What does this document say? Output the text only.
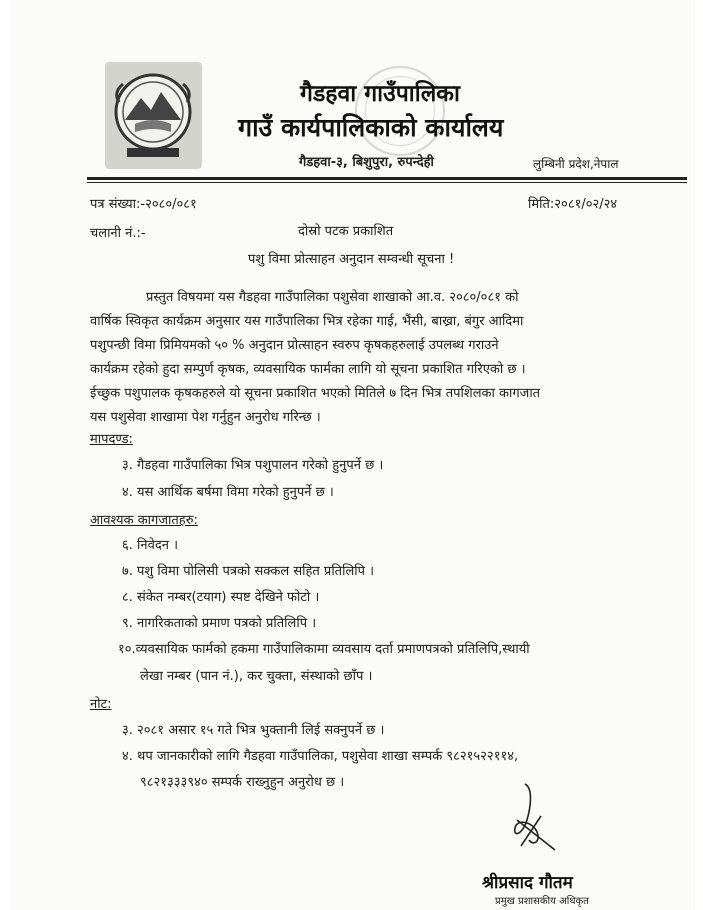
गैडहवा गाउँपालिका
गाउँ कार्यपालिकाको कार्यालय
गैडहवा-३, बिशुपुरा, रुपन्देही	लुम्बिनी प्रदेश,नेपाल
पत्र संख्या:-२०८०/०८१	मिति:२०८१/०२/२४
चलानी नं.:-	दोस्रो पटक प्रकाशित
पशु विमा प्रोत्साहन अनुदान सम्वन्धी सूचना !
प्रस्तुत विषयमा यस गैडहवा गाउँपालिका पशुसेवा शाखाको आ.व. २०८०/०८१ को
वार्षिक स्विकृत कार्यक्रम अनुसार यस गाउँपालिका भित्र रहेका गाई, भैंसी, बाख्रा, बंगुर आदिमा
पशुपन्छी विमा प्रिमियमको ५० % अनुदान प्रोत्साहन स्वरुप कृषकहरुलाई उपलब्ध गराउने
कार्यक्रम रहेको हुदा सम्पुर्ण कृषक, व्यवसायिक फार्मका लागि यो सूचना प्रकाशित गरिएको छ ।
ईच्छुक पशुपालक कृषकहरुले यो सूचना प्रकाशित भएको मितिले ७ दिन भित्र तपशिलका कागजात
यस पशुसेवा शाखामा पेश गर्नुहुन अनुरोध गरिन्छ ।
मापदण्ड:
३. गैडहवा गाउँपालिका भित्र पशुपालन गरेको हुनुपर्ने छ ।
४. यस आर्थिक बर्षमा विमा गरेको हुनुपर्ने छ ।
आवश्यक कागजातहरु:
६. निवेदन ।
७. पशु विमा पोलिसी पत्रको सक्कल सहित प्रतिलिपि ।
८. संकेत नम्बर(टयाग) स्पष्ट देखिने फोटो ।
९. नागरिकताको प्रमाण पत्रको प्रतिलिपि ।
१०.व्यवसायिक फार्मको हकमा गाउँपालिकामा व्यवसाय दर्ता प्रमाणपत्रको प्रतिलिपि,स्थायी
लेखा नम्बर (पान नं.), कर चुक्ता, संस्थाको छाँप ।
नोट:
३. २०८१ असार १५ गते भित्र भुक्तानी लिई सक्नुपर्ने छ ।
४. थप जानकारीको लागि गैडहवा गाउँपालिका, पशुसेवा शाखा सम्पर्क ९८२१५२२११४,
९८२१३३३९४० सम्पर्क राख्नुहुन अनुरोध छ ।
श्रीप्रसाद गौतम
प्रमुख प्रशासकीय अधिकृत
